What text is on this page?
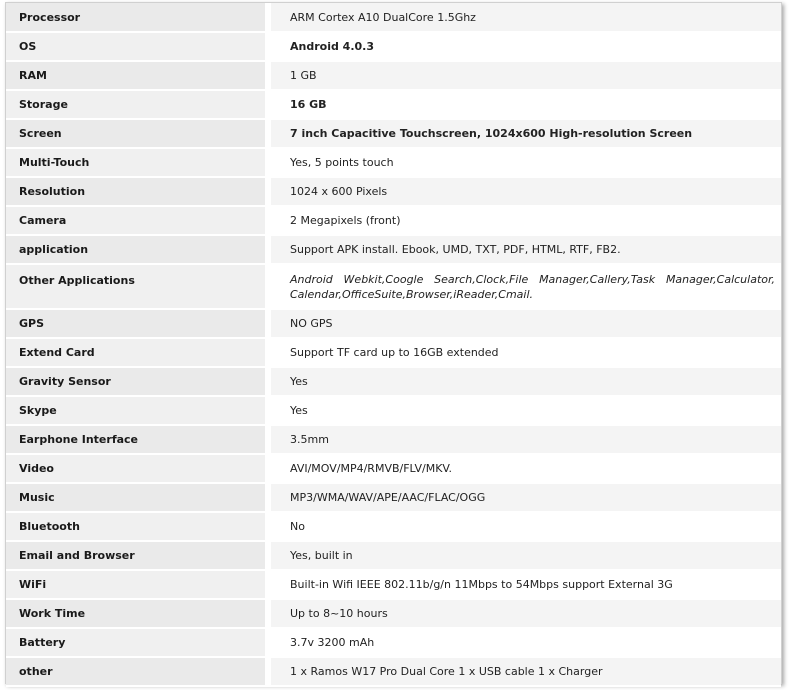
Processor		ARM Cortex A10 DualCore 1.5Ghz
OS		Android 4.0.3
RAM		1 GB
Storage		16 GB
Screen		7 inch Capacitive Touchscreen, 1024x600 High-resolution Screen
Multi-Touch		Yes, 5 points touch
Resolution		1024 x 600 Pixels
Camera		2 Megapixels (front)
application		Support APK install. Ebook, UMD, TXT, PDF, HTML, RTF, FB2.
Other Applications		Android Webkit,Coogle Search,Clock,File Manager,Callery,Task Manager,Calculator, Calendar,OfficeSuite,Browser,iReader,Cmail.
GPS		NO GPS
Extend Card		Support TF card up to 16GB extended
Gravity Sensor		Yes
Skype		Yes
Earphone Interface		3.5mm
Video		AVI/MOV/MP4/RMVB/FLV/MKV.
Music		MP3/WMA/WAV/APE/AAC/FLAC/OGG
Bluetooth		No
Email and Browser		Yes, built in
WiFi		Built-in Wifi IEEE 802.11b/g/n 11Mbps to 54Mbps support External 3G
Work Time		Up to 8~10 hours
Battery		3.7v 3200 mAh
other		1 x Ramos W17 Pro Dual Core 1 x USB cable 1 x Charger
